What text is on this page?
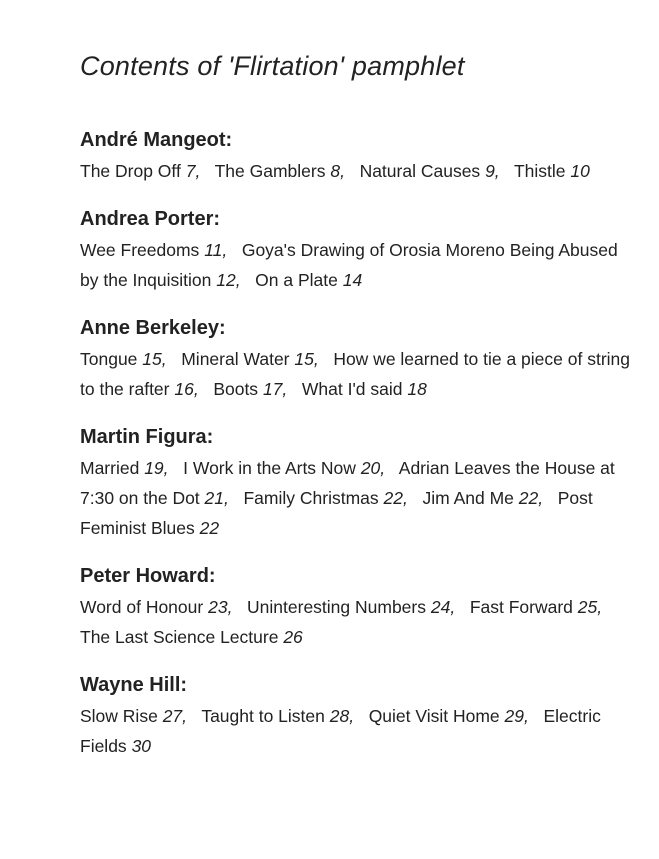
Contents of 'Flirtation' pamphlet
André Mangeot:
The Drop Off 7, The Gamblers 8, Natural Causes 9, Thistle 10
Andrea Porter:
Wee Freedoms 11, Goya's Drawing of Orosia Moreno Being Abused by the Inquisition 12, On a Plate 14
Anne Berkeley:
Tongue 15, Mineral Water 15, How we learned to tie a piece of string to the rafter 16, Boots 17, What I'd said 18
Martin Figura:
Married 19, I Work in the Arts Now 20, Adrian Leaves the House at 7:30 on the Dot 21, Family Christmas 22, Jim And Me 22, Post Feminist Blues 22
Peter Howard:
Word of Honour 23, Uninteresting Numbers 24, Fast Forward 25,   The Last Science Lecture 26
Wayne Hill:
Slow Rise 27, Taught to Listen 28, Quiet Visit Home 29, Electric Fields 30
